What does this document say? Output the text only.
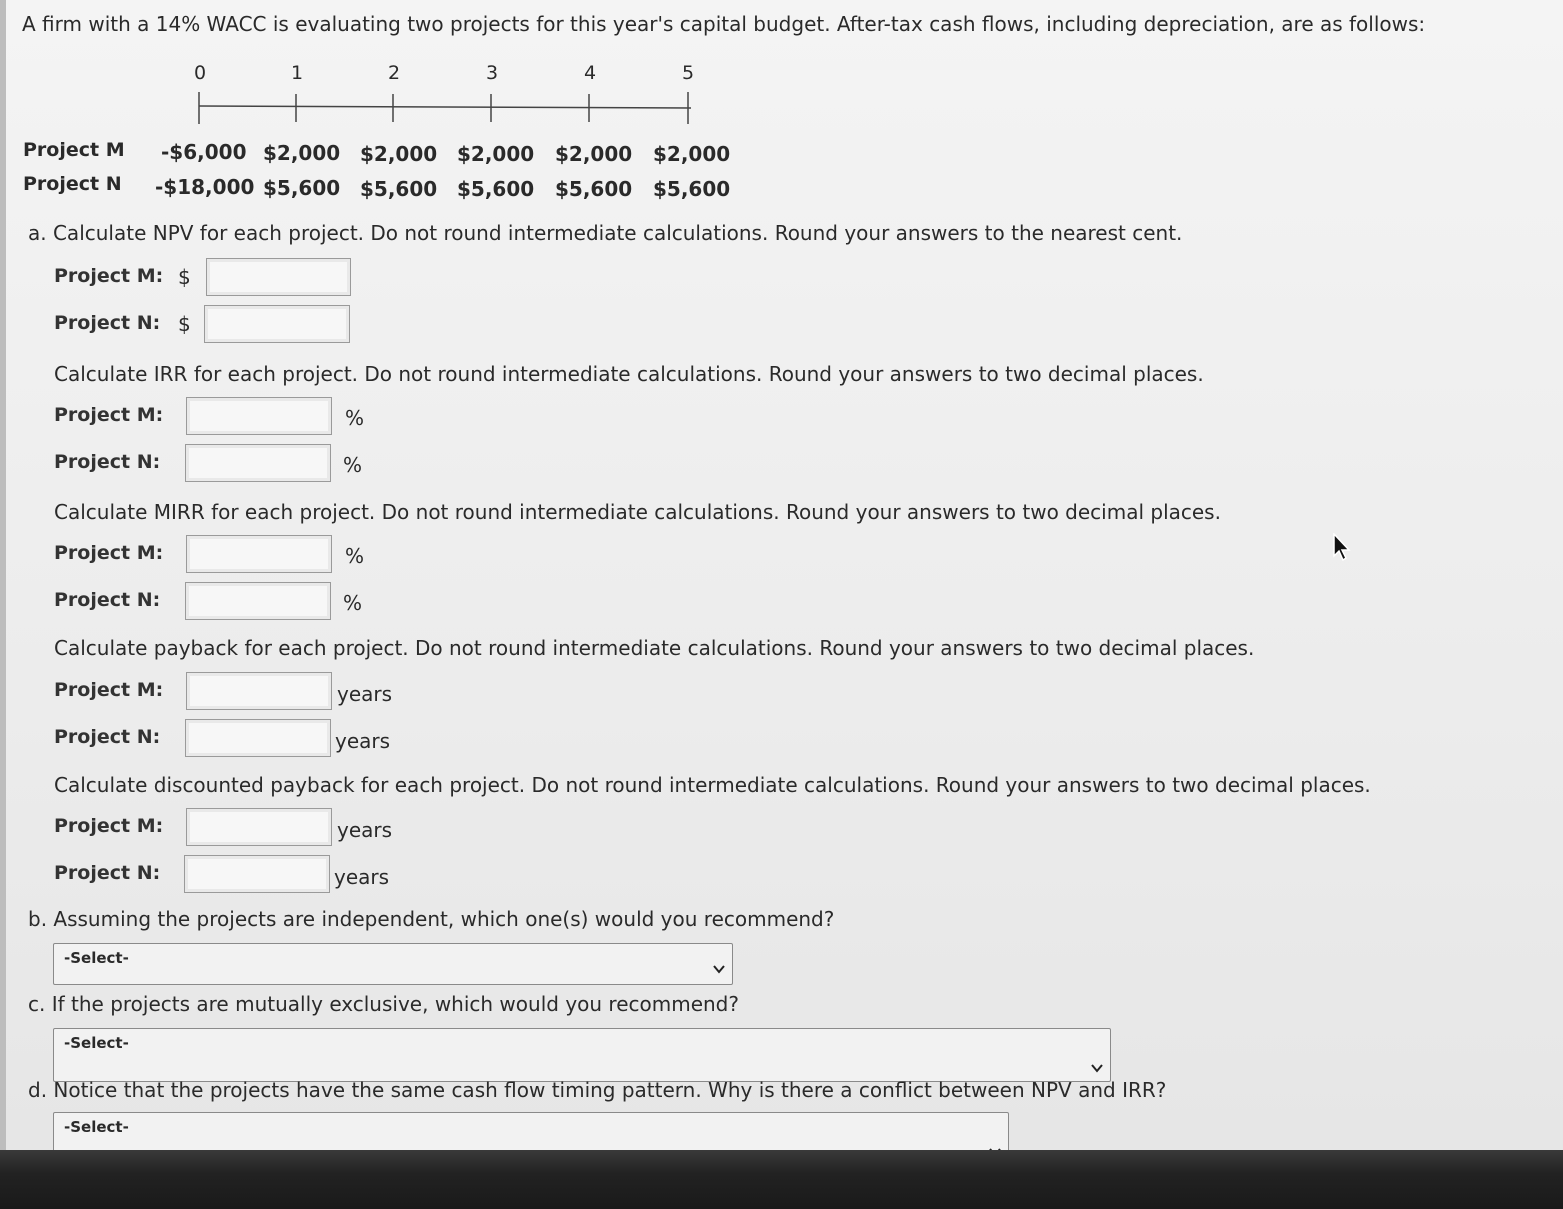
A firm with a 14% WACC is evaluating two projects for this year's capital budget. After-tax cash flows, including depreciation, are as follows:
0	1	2	3	4	5
Project M -$6,000 $2,000 $2,000 $2,000 $2,000 $2,000
Project N -$18,000 $5,600 $5,600 $5,600 $5,600 $5,600
a. Calculate NPV for each project. Do not round intermediate calculations. Round your answers to the nearest cent.
Project M: $
Project N: $
Calculate IRR for each project. Do not round intermediate calculations. Round your answers to two decimal places.
Project M:	%
Project N:	%
Calculate MIRR for each project. Do not round intermediate calculations. Round your answers to two decimal places.
Project M:	%
Project N:	%
Calculate payback for each project. Do not round intermediate calculations. Round your answers to two decimal places.
Project M:	years
Project N:	years
Calculate discounted payback for each project. Do not round intermediate calculations. Round your answers to two decimal places.
Project M:	years
Project N:	years
b. Assuming the projects are independent, which one(s) would you recommend?
-Select-
c. If the projects are mutually exclusive, which would you recommend?
-Select-
d. Notice that the projects have the same cash flow timing pattern. Why is there a conflict between NPV and IRR?
-Select-
